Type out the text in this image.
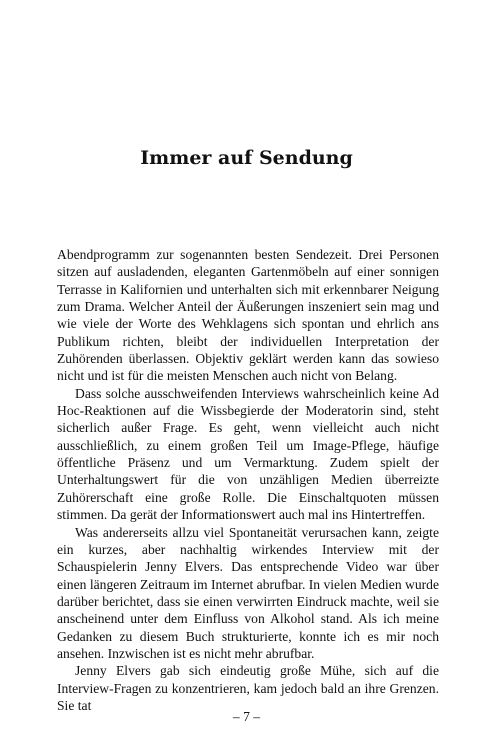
Immer auf Sendung

Abendprogramm zur sogenannten besten Sendezeit. Drei Personen sitzen auf ausladenden, eleganten Gartenmöbeln auf einer sonnigen Terrasse in Kalifornien und unterhalten sich mit erkennbarer Neigung zum Drama. Welcher Anteil der Äußerungen inszeniert sein mag und wie viele der Worte des Wehklagens sich spontan und ehrlich ans Publikum richten, bleibt der individuellen Interpretation der Zuhörenden überlassen. Objektiv geklärt werden kann das sowieso nicht und ist für die meisten Menschen auch nicht von Belang.

Dass solche ausschweifenden Interviews wahrscheinlich keine Ad Hoc-Reaktionen auf die Wissbegierde der Moderatorin sind, steht sicherlich außer Frage. Es geht, wenn vielleicht auch nicht ausschließlich, zu einem großen Teil um Image-Pflege, häufige öffentliche Präsenz und um Vermarktung. Zudem spielt der Unterhaltungswert für die von unzähligen Medien überreizte Zuhörerschaft eine große Rolle. Die Einschaltquoten müssen stimmen. Da gerät der Informationswert auch mal ins Hintertreffen.

Was andererseits allzu viel Spontaneität verursachen kann, zeigte ein kurzes, aber nachhaltig wirkendes Interview mit der Schauspielerin Jenny Elvers. Das entsprechende Video war über einen längeren Zeitraum im Internet abrufbar. In vielen Medien wurde darüber berichtet, dass sie einen verwirrten Eindruck machte, weil sie anscheinend unter dem Einfluss von Alkohol stand. Als ich meine Gedanken zu diesem Buch strukturierte, konnte ich es mir noch ansehen. Inzwischen ist es nicht mehr abrufbar.

Jenny Elvers gab sich eindeutig große Mühe, sich auf die Interview-Fragen zu konzentrieren, kam jedoch bald an ihre Grenzen. Sie tat

– 7 –
